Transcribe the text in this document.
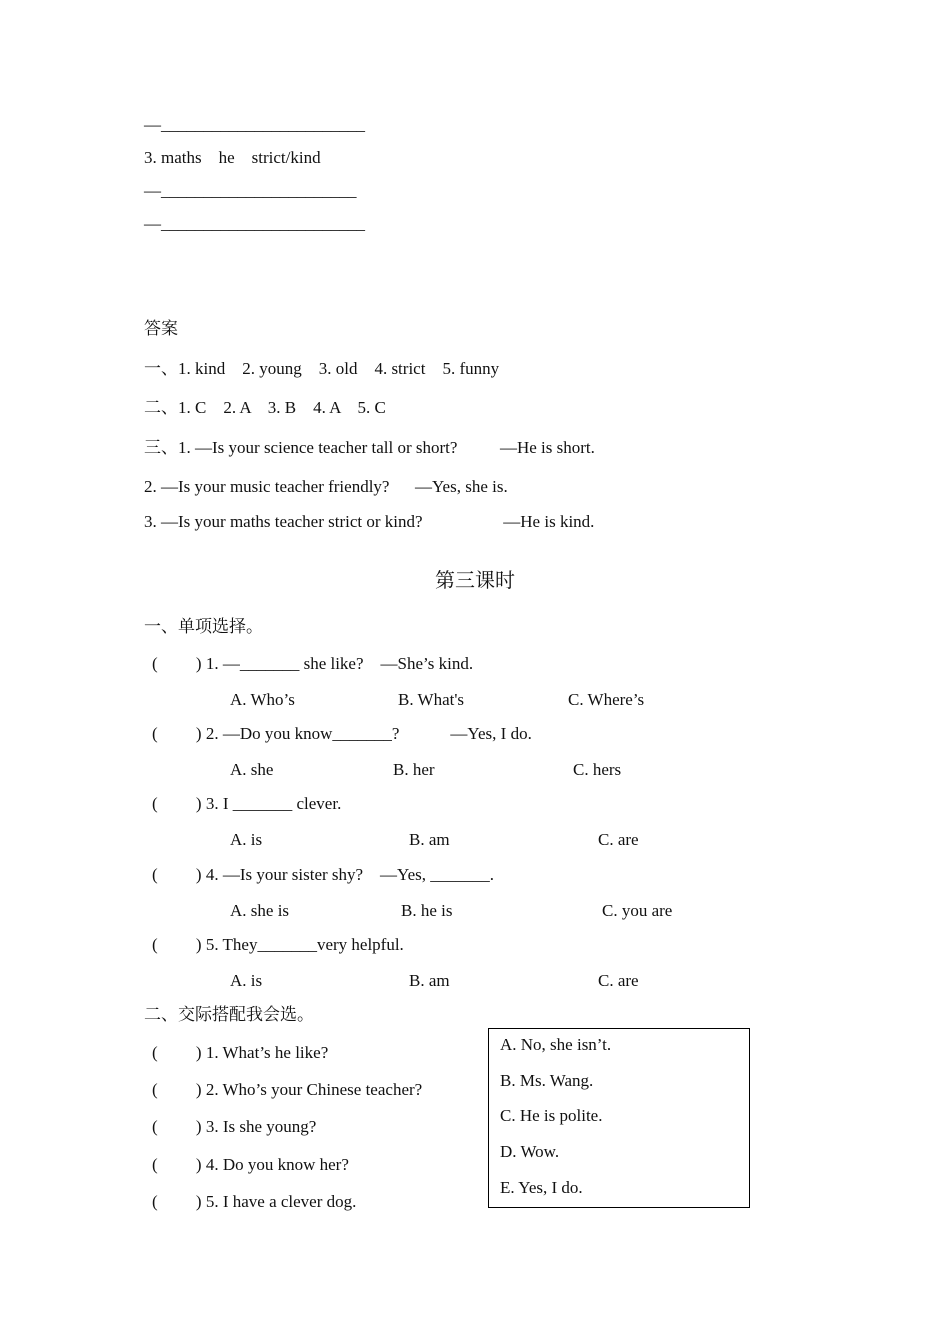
—________________________
3. maths    he    strict/kind
—_______________________
—________________________
答案
一、1. kind    2. young    3. old    4. strict    5. funny
二、1. C    2. A    3. B    4. A    5. C
三、1. —Is your science teacher tall or short?          —He is short.
2. —Is your music teacher friendly?      —Yes, she is.
3. —Is your maths teacher strict or kind?                   —He is kind.
第三课时
一、单项选择。
(         ) 1. —_______ she like?    —She’s kind.
A. Who’s	B. What's	C. Where’s
(         ) 2. —Do you know_______?            —Yes, I do.
A. she	B. her	C. hers
(         ) 3. I _______ clever.
A. is	B. am	C. are
(         ) 4. —Is your sister shy?    —Yes, _______.
A. she is	B. he is	C. you are
(         ) 5. They_______very helpful.
A. is	B. am	C. are
二、交际搭配我会选。
(         ) 1. What’s he like?
(         ) 2. Who’s your Chinese teacher?
(         ) 3. Is she young?
(         ) 4. Do you know her?
(         ) 5. I have a clever dog.
A. No, she isn’t.
B. Ms. Wang.
C. He is polite.
D. Wow.
E. Yes, I do.
